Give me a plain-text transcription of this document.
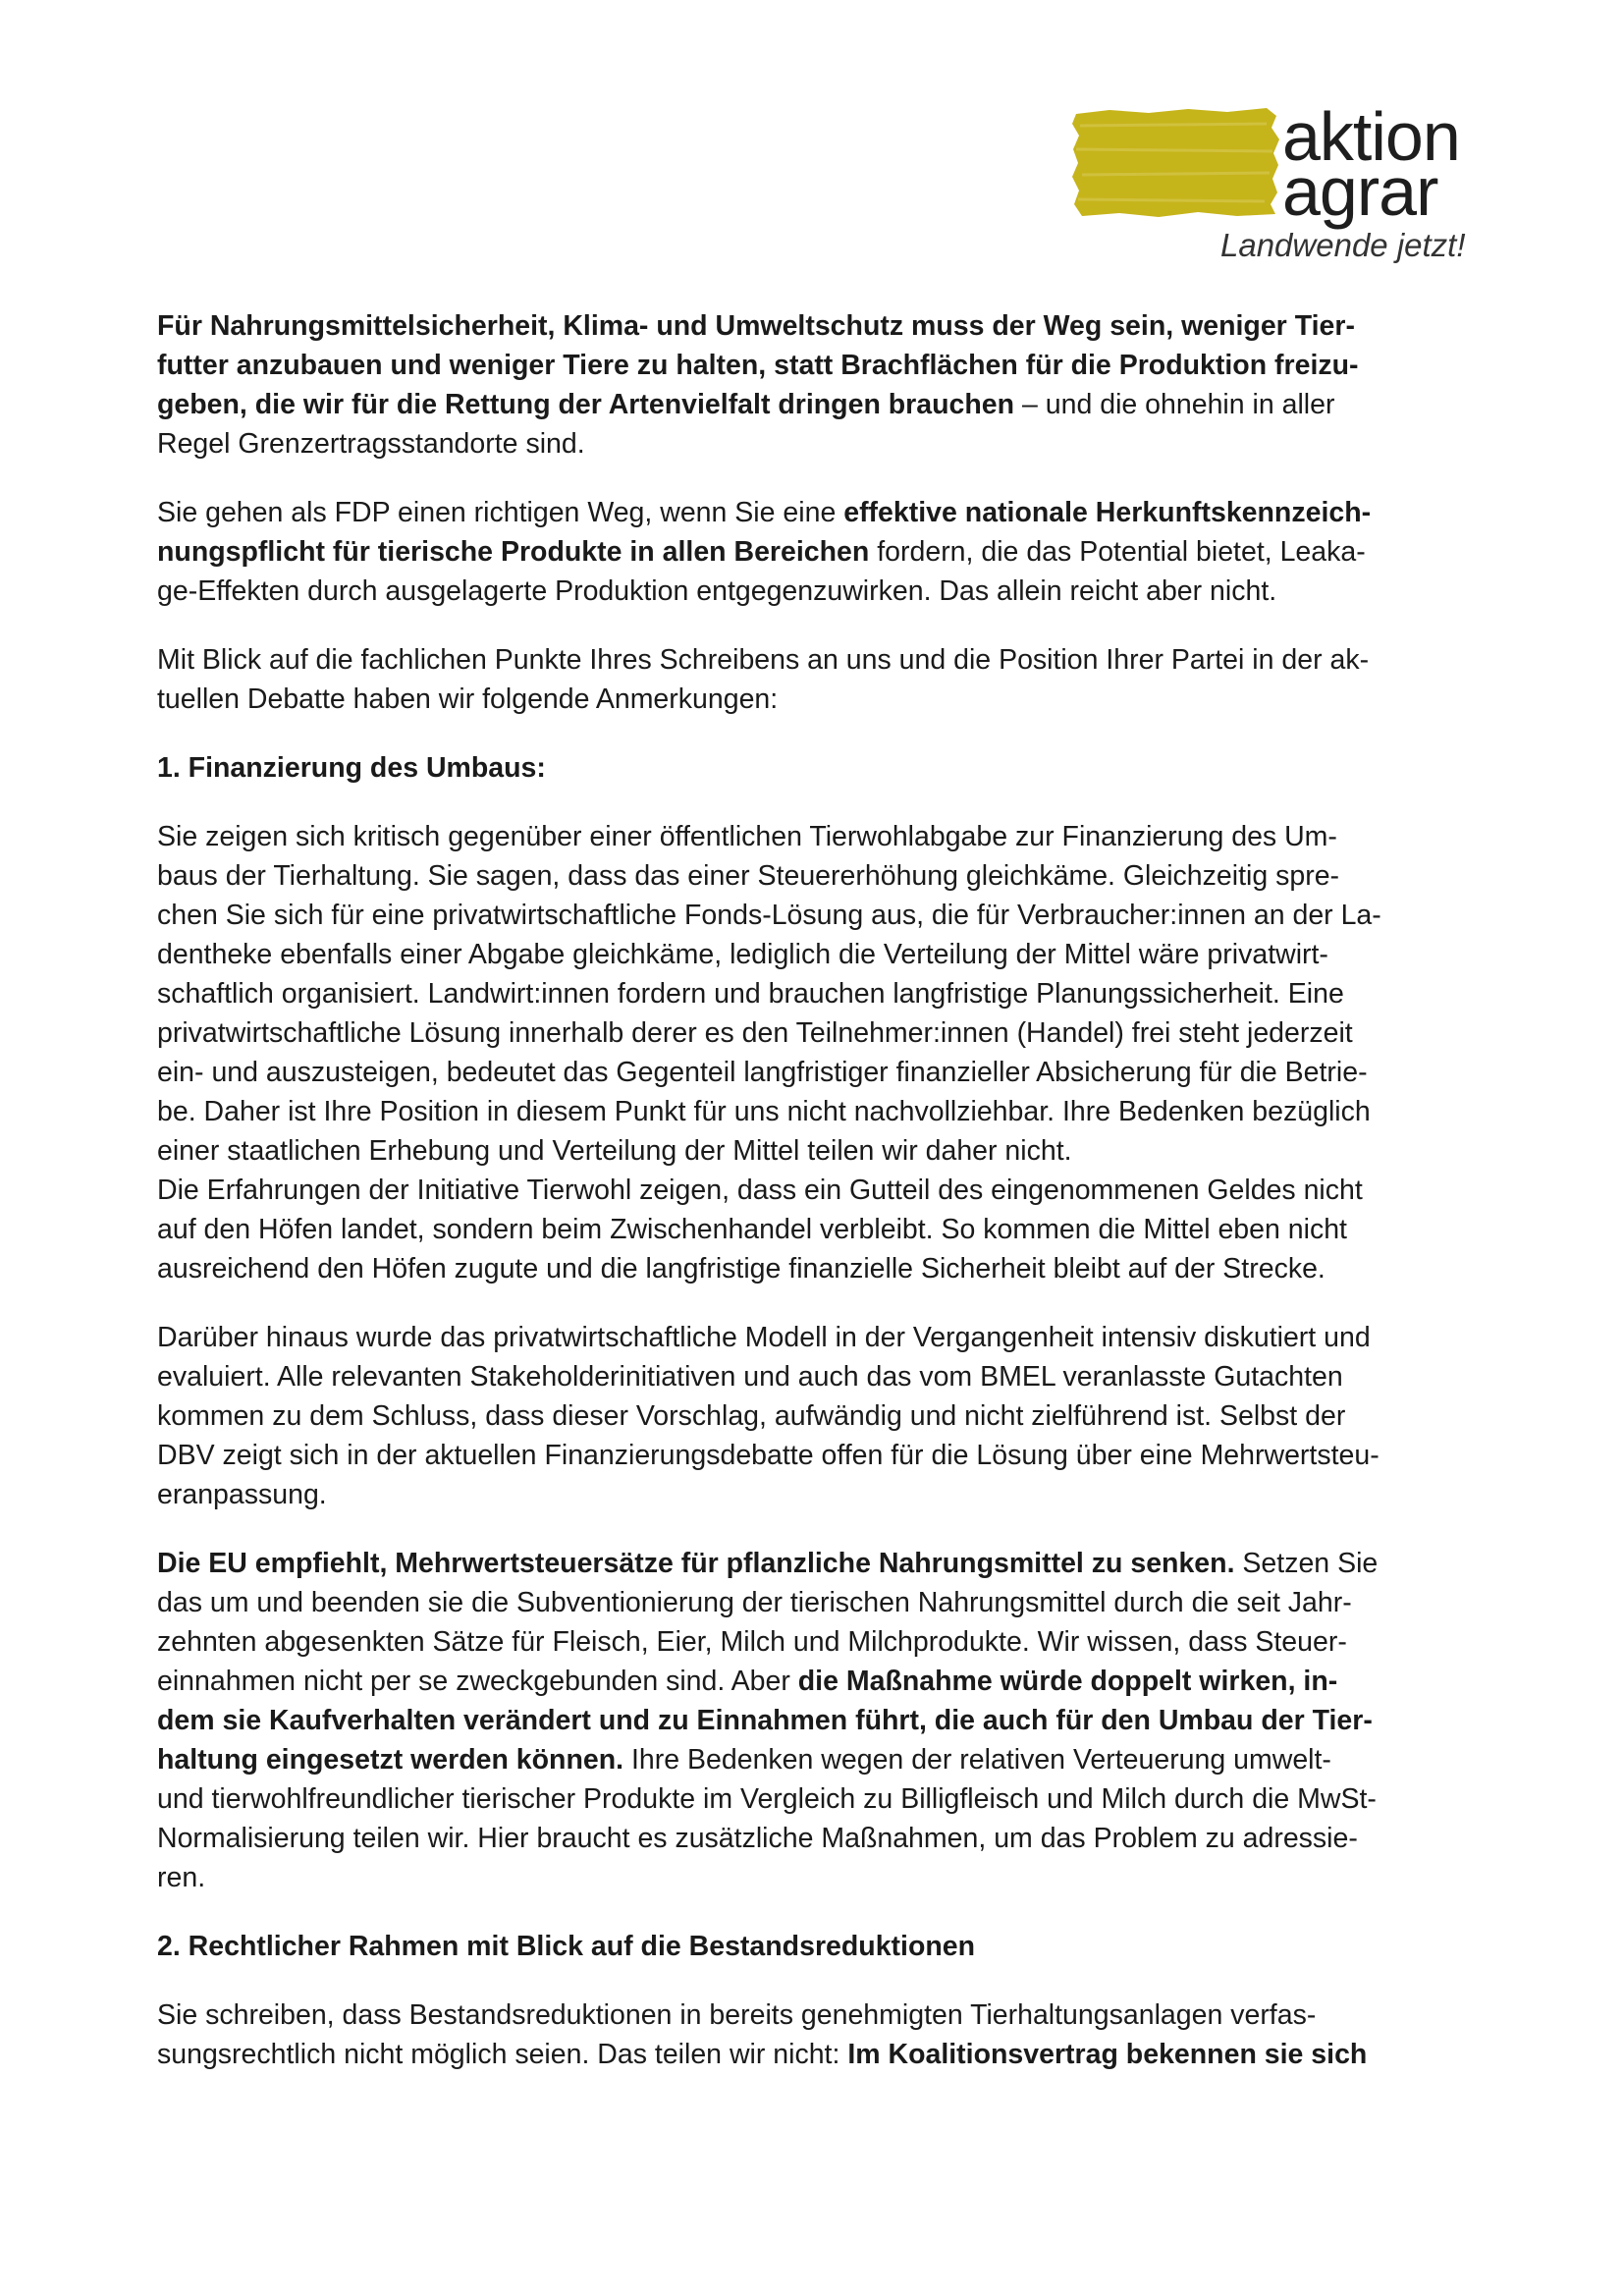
aktion
agrar
Landwende jetzt!
Für Nahrungsmittelsicherheit, Klima- und Umweltschutz muss der Weg sein, weniger Tier-
futter anzubauen und weniger Tiere zu halten, statt Brachflächen für die Produktion freizu-
geben, die wir für die Rettung der Artenvielfalt dringen brauchen – und die ohnehin in aller
Regel Grenzertragsstandorte sind.
Sie gehen als FDP einen richtigen Weg, wenn Sie eine effektive nationale Herkunftskennzeich-
nungspflicht für tierische Produkte in allen Bereichen fordern, die das Potential bietet, Leaka-
ge-Effekten durch ausgelagerte Produktion entgegenzuwirken. Das allein reicht aber nicht.
Mit Blick auf die fachlichen Punkte Ihres Schreibens an uns und die Position Ihrer Partei in der ak-
tuellen Debatte haben wir folgende Anmerkungen:
1. Finanzierung des Umbaus:
Sie zeigen sich kritisch gegenüber einer öffentlichen Tierwohlabgabe zur Finanzierung des Um-
baus der Tierhaltung. Sie sagen, dass das einer Steuererhöhung gleichkäme. Gleichzeitig spre-
chen Sie sich für eine privatwirtschaftliche Fonds-Lösung aus, die für Verbraucher:innen an der La-
dentheke ebenfalls einer Abgabe gleichkäme, lediglich die Verteilung der Mittel wäre privatwirt-
schaftlich organisiert. Landwirt:innen fordern und brauchen langfristige Planungssicherheit. Eine
privatwirtschaftliche Lösung innerhalb derer es den Teilnehmer:innen (Handel) frei steht jederzeit
ein- und auszusteigen, bedeutet das Gegenteil langfristiger finanzieller Absicherung für die Betrie-
be. Daher ist Ihre Position in diesem Punkt für uns nicht nachvollziehbar. Ihre Bedenken bezüglich
einer staatlichen Erhebung und Verteilung der Mittel teilen wir daher nicht.
Die Erfahrungen der Initiative Tierwohl zeigen, dass ein Gutteil des eingenommenen Geldes nicht
auf den Höfen landet, sondern beim Zwischenhandel verbleibt. So kommen die Mittel eben nicht
ausreichend den Höfen zugute und die langfristige finanzielle Sicherheit bleibt auf der Strecke.
Darüber hinaus wurde das privatwirtschaftliche Modell in der Vergangenheit intensiv diskutiert und
evaluiert. Alle relevanten Stakeholderinitiativen und auch das vom BMEL veranlasste Gutachten
kommen zu dem Schluss, dass dieser Vorschlag, aufwändig und nicht zielführend ist. Selbst der
DBV zeigt sich in der aktuellen Finanzierungsdebatte offen für die Lösung über eine Mehrwertsteu-
eranpassung.
Die EU empfiehlt, Mehrwertsteuersätze für pflanzliche Nahrungsmittel zu senken. Setzen Sie
das um und beenden sie die Subventionierung der tierischen Nahrungsmittel durch die seit Jahr-
zehnten abgesenkten Sätze für Fleisch, Eier, Milch und Milchprodukte. Wir wissen, dass Steuer-
einnahmen nicht per se zweckgebunden sind. Aber die Maßnahme würde doppelt wirken, in-
dem sie Kaufverhalten verändert und zu Einnahmen führt, die auch für den Umbau der Tier-
haltung eingesetzt werden können. Ihre Bedenken wegen der relativen Verteuerung umwelt-
und tierwohlfreundlicher tierischer Produkte im Vergleich zu Billigfleisch und Milch durch die MwSt-
Normalisierung teilen wir. Hier braucht es zusätzliche Maßnahmen, um das Problem zu adressie-
ren.
2. Rechtlicher Rahmen mit Blick auf die Bestandsreduktionen
Sie schreiben, dass Bestandsreduktionen in bereits genehmigten Tierhaltungsanlagen verfas-
sungsrechtlich nicht möglich seien. Das teilen wir nicht: Im Koalitionsvertrag bekennen sie sich
